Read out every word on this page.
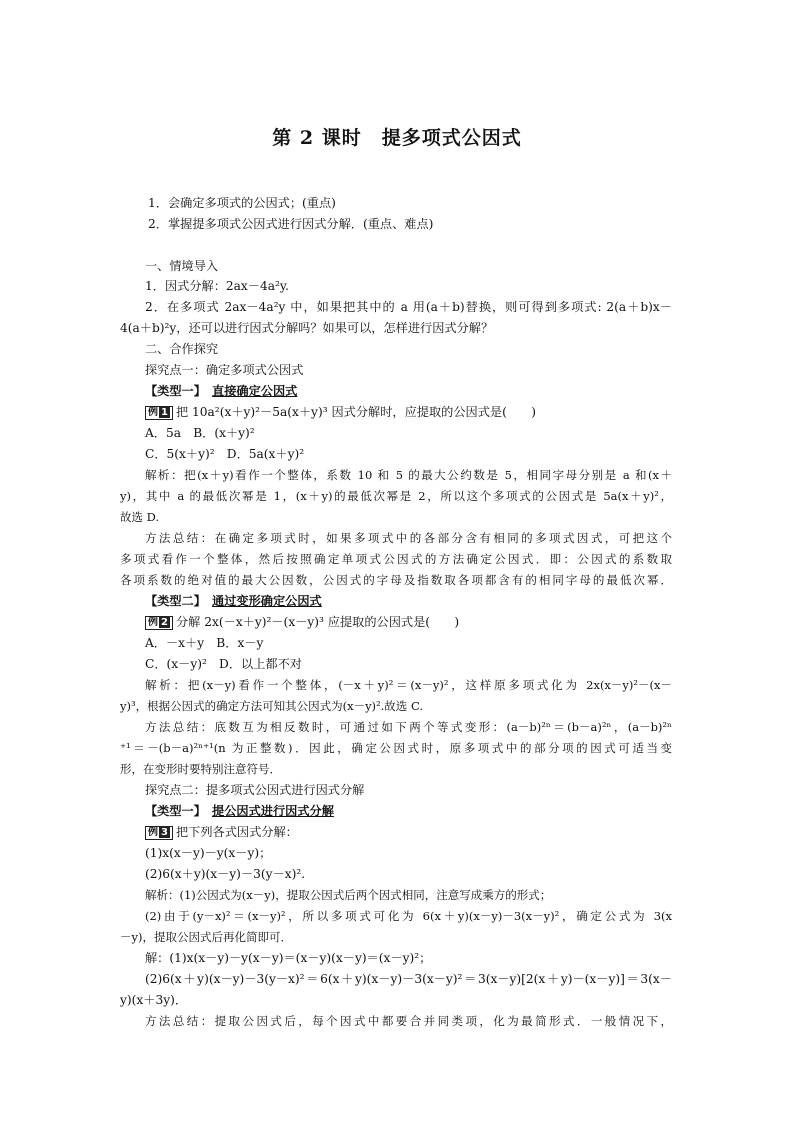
第 2 课时　提多项式公因式
1．会确定多项式的公因式；(重点)
2．掌握提多项式公因式进行因式分解．(重点、难点)
一、情境导入
1．因式分解：2ax－4a²y.
2．在多项式 2ax－4a²y 中，如果把其中的 a 用(a＋b)替换，则可得到多项式: 2(a＋b)x－
4(a＋b)²y，还可以进行因式分解吗？如果可以，怎样进行因式分解？
二、合作探究
探究点一：确定多项式公因式
【类型一】　 直接确定公因式
例 1 把 10a²(x＋y)²－5a(x＋y)³ 因式分解时，应提取的公因式是(　　)
A．5a　B．(x＋y)²
C．5(x＋y)²　D．5a(x＋y)²
解析：把(x＋y)看作一个整体，系数 10 和 5 的最大公约数是 5，相同字母分别是 a 和(x＋
y)，其中 a 的最低次幂是 1，(x＋y)的最低次幂是 2，所以这个多项式的公因式是 5a(x＋y)²，
故选 D.
方法总结：在确定多项式时，如果多项式中的各部分含有相同的多项式因式，可把这个
多项式看作一个整体，然后按照确定单项式公因式的方法确定公因式．即：公因式的系数取
各项系数的绝对值的最大公因数，公因式的字母及指数取各项都含有的相同字母的最低次幂．
【类型二】　 通过变形确定公因式
例 2 分解 2x(－x＋y)²－(x－y)³ 应提取的公因式是(　　)
A．－x＋y　B．x－y
C．(x－y)²　D．以上都不对
解析：把(x－y)看作一个整体，(－x＋y)²＝(x－y)²，这样原多项式化为 2x(x－y)²－(x－
y)³，根据公因式的确定方法可知其公因式为(x－y)².故选 C.
方法总结：底数互为相反数时，可通过如下两个等式变形：(a－b)²ⁿ＝(b－a)²ⁿ，(a－b)²ⁿ
⁺¹＝－(b－a)²ⁿ⁺¹(n 为正整数)．因此，确定公因式时，原多项式中的部分项的因式可适当变
形，在变形时要特别注意符号．
探究点二：提多项式公因式进行因式分解
【类型一】　 提公因式进行因式分解
例 3 把下列各式因式分解：
(1)x(x－y)－y(x－y)；
(2)6(x＋y)(x－y)－3(y－x)².
解析：(1)公因式为(x－y)，提取公因式后两个因式相同，注意写成乘方的形式；
(2)由于(y－x)²＝(x－y)²，所以多项式可化为 6(x＋y)(x－y)－3(x－y)²，确定公式为 3(x
－y)，提取公因式后再化简即可．
解：(1)x(x－y)－y(x－y)＝(x－y)(x－y)＝(x－y)²；
(2)6(x＋y)(x－y)－3(y－x)²＝6(x＋y)(x－y)－3(x－y)²＝3(x－y)[2(x＋y)－(x－y)]＝3(x－
y)(x＋3y)．
方法总结：提取公因式后，每个因式中都要合并同类项，化为最简形式．一般情况下，
